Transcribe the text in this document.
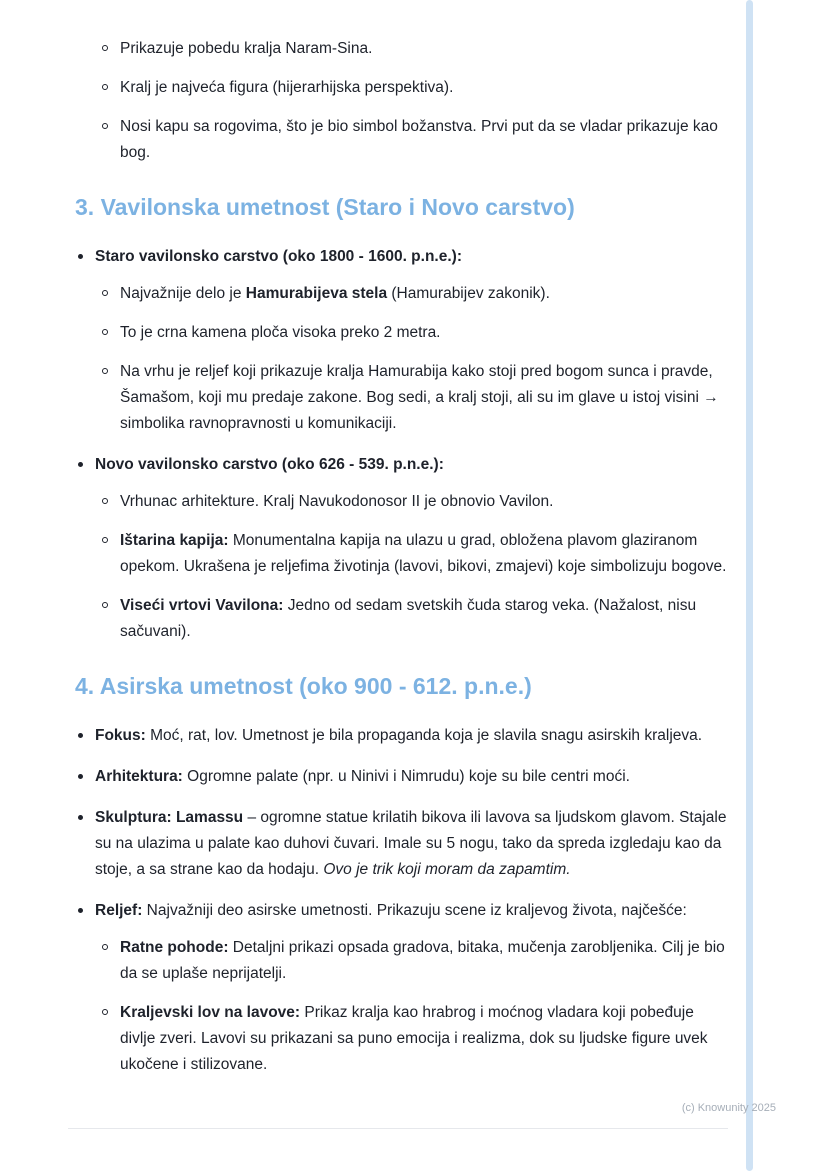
Prikazuje pobedu kralja Naram-Sina.
Kralj je najveća figura (hijerarhijska perspektiva).
Nosi kapu sa rogovima, što je bio simbol božanstva. Prvi put da se vladar prikazuje kao bog.
3. Vavilonska umetnost (Staro i Novo carstvo)
Staro vavilonsko carstvo (oko 1800 - 1600. p.n.e.):
Najvažnije delo je Hamurabijeva stela (Hamurabijev zakonik).
To je crna kamena ploča visoka preko 2 metra.
Na vrhu je reljef koji prikazuje kralja Hamurabija kako stoji pred bogom sunca i pravde, Šamašom, koji mu predaje zakone. Bog sedi, a kralj stoji, ali su im glave u istoj visini → simbolika ravnopravnosti u komunikaciji.
Novo vavilonsko carstvo (oko 626 - 539. p.n.e.):
Vrhunac arhitekture. Kralj Navukodonosor II je obnovio Vavilon.
Ištarina kapija: Monumentalna kapija na ulazu u grad, obložena plavom glaziranom opekom. Ukrašena je reljefima životinja (lavovi, bikovi, zmajevi) koje simbolizuju bogove.
Viseći vrtovi Vavilona: Jedno od sedam svetskih čuda starog veka. (Nažalost, nisu sačuvani).
4. Asirska umetnost (oko 900 - 612. p.n.e.)
Fokus: Moć, rat, lov. Umetnost je bila propaganda koja je slavila snagu asirskih kraljeva.
Arhitektura: Ogromne palate (npr. u Ninivi i Nimrudu) koje su bile centri moći.
Skulptura: Lamassu – ogromne statue krilatih bikova ili lavova sa ljudskom glavom. Stajale su na ulazima u palate kao duhovi čuvari. Imale su 5 nogu, tako da spreda izgledaju kao da stoje, a sa strane kao da hodaju. Ovo je trik koji moram da zapamtim.
Reljef: Najvažniji deo asirske umetnosti. Prikazuju scene iz kraljevog života, najčešće:
Ratne pohode: Detaljni prikazi opsada gradova, bitaka, mučenja zarobljenika. Cilj je bio da se uplaše neprijatelji.
Kraljevski lov na lavove: Prikaz kralja kao hrabrog i moćnog vladara koji pobeđuje divlje zveri. Lavovi su prikazani sa puno emocija i realizma, dok su ljudske figure uvek ukočene i stilizovane.
(c) Knowunity 2025
